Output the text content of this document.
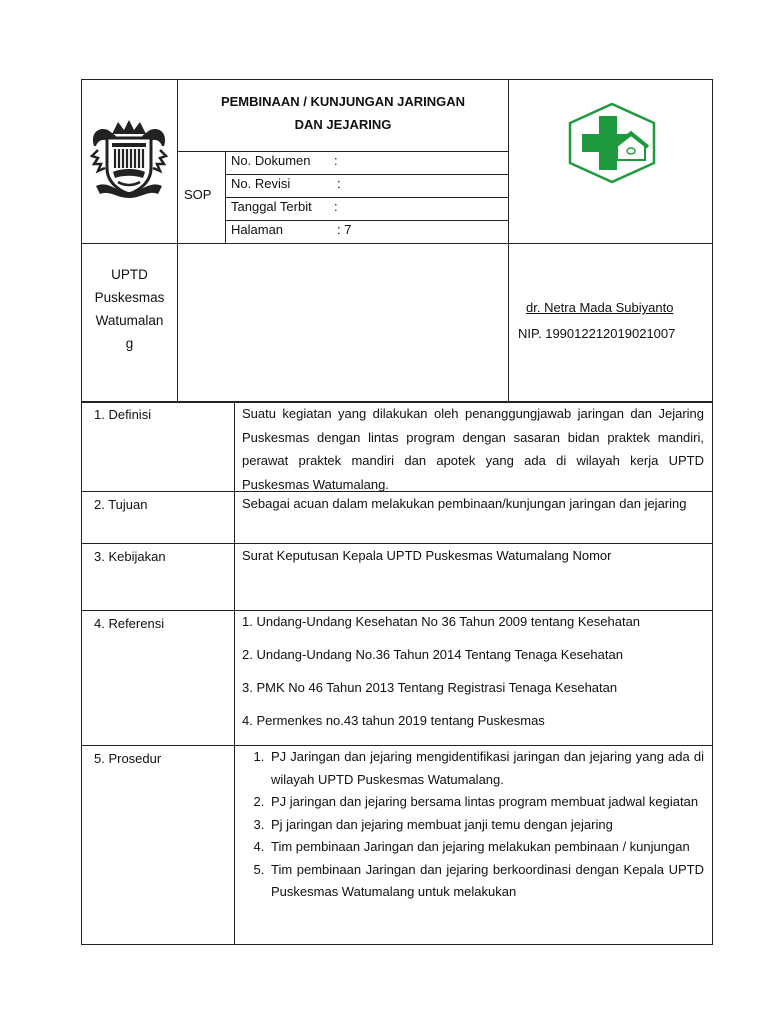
PEMBINAAN / KUNJUNGAN JARINGAN
DAN JEJARING
SOP
No. Dokumen :
No. Revisi	:
Tanggal Terbit :
Halaman	: 7
UPTD
Puskesmas
Watumalan
g
dr. Netra Mada Subiyanto
NIP. 199012212019021007
1. Definisi	Suatu kegiatan yang dilakukan oleh penanggungjawab jaringan dan Jejaring Puskesmas dengan lintas program dengan sasaran bidan praktek mandiri, perawat praktek mandiri dan apotek yang ada di wilayah kerja UPTD Puskesmas Watumalang.

2. Tujuan	Sebagai acuan dalam melakukan pembinaan/kunjungan jaringan dan jejaring

3. Kebijakan	Surat Keputusan Kepala UPTD Puskesmas Watumalang Nomor

4. Referensi	1. Undang-Undang Kesehatan No 36 Tahun 2009 tentang Kesehatan

2. Undang-Undang No.36 Tahun 2014 Tentang Tenaga Kesehatan

3. PMK No 46 Tahun 2013 Tentang Registrasi Tenaga Kesehatan

4. Permenkes no.43 tahun 2019 tentang Puskesmas

5. Prosedur
1.	PJ Jaringan dan jejaring mengidentifikasi jaringan dan jejaring yang ada di wilayah UPTD Puskesmas Watumalang.
2. PJ jaringan dan jejaring bersama lintas program membuat jadwal kegiatan
3. Pj jaringan dan jejaring membuat janji temu dengan jejaring
4. Tim pembinaan Jaringan dan jejaring melakukan pembinaan / kunjungan
5. Tim pembinaan Jaringan dan jejaring berkoordinasi dengan Kepala UPTD Puskesmas Watumalang untuk melakukan
